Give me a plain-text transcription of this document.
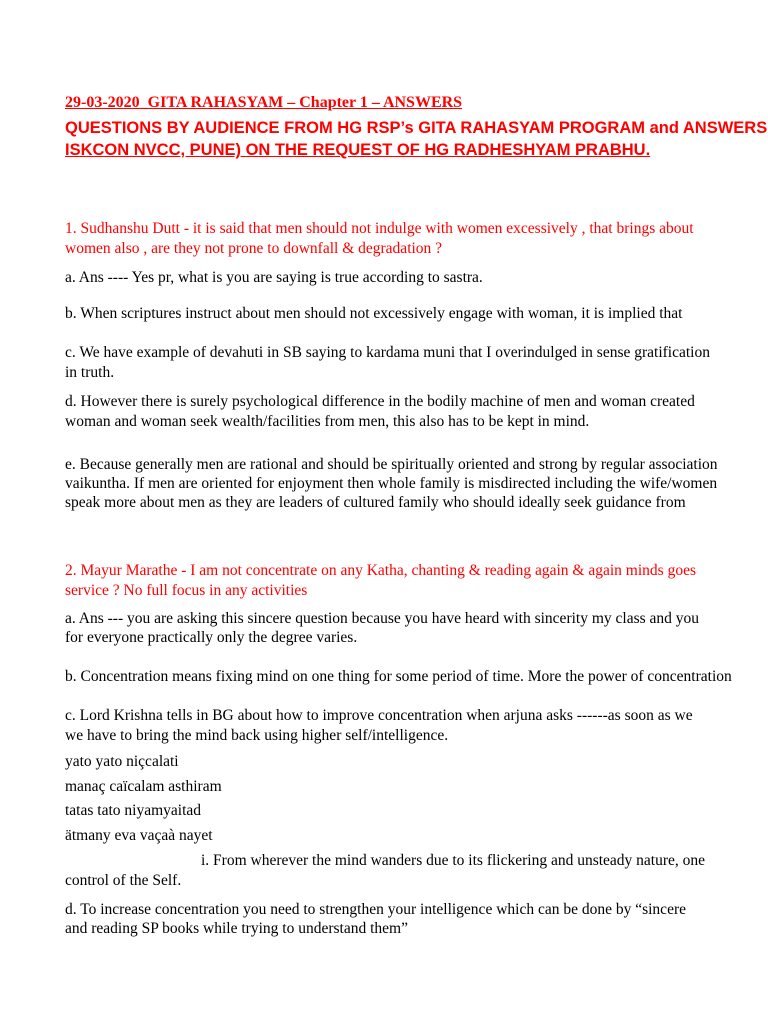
29-03-2020_GITA RAHASYAM – Chapter 1 – ANSWERS
QUESTIONS BY AUDIENCE FROM HG RSP’s GITA RAHASYAM PROGRAM and ANSWERS
ISKCON NVCC, PUNE) ON THE REQUEST OF HG RADHESHYAM PRABHU.
1. Sudhanshu Dutt - it is said that men should not indulge with women excessively , that brings about
women also , are they not prone to downfall & degradation ?
a. Ans ---- Yes pr, what is you are saying is true according to sastra.
b. When scriptures instruct about men should not excessively engage with woman, it is implied that
c. We have example of devahuti in SB saying to kardama muni that I overindulged in sense gratification
in truth.
d. However there is surely psychological difference in the bodily machine of men and woman created
woman and woman seek wealth/facilities from men, this also has to be kept in mind.
e. Because generally men are rational and should be spiritually oriented and strong by regular association
vaikuntha. If men are oriented for enjoyment then whole family is misdirected including the wife/women
speak more about men as they are leaders of cultured family who should ideally seek guidance from
2. Mayur Marathe - I am not concentrate on any Katha, chanting & reading again & again minds goes
service ? No full focus in any activities
a. Ans --- you are asking this sincere question because you have heard with sincerity my class and you
for everyone practically only the degree varies.
b. Concentration means fixing mind on one thing for some period of time. More the power of concentration
c. Lord Krishna tells in BG about how to improve concentration when arjuna asks ------as soon as we
we have to bring the mind back using higher self/intelligence.
yato yato niçcalati
manaç caïcalam asthiram
tatas tato niyamyaitad
ätmany eva vaçaà nayet
i. From wherever the mind wanders due to its flickering and unsteady nature, one
control of the Self.
d. To increase concentration you need to strengthen your intelligence which can be done by “sincere
and reading SP books while trying to understand them”
